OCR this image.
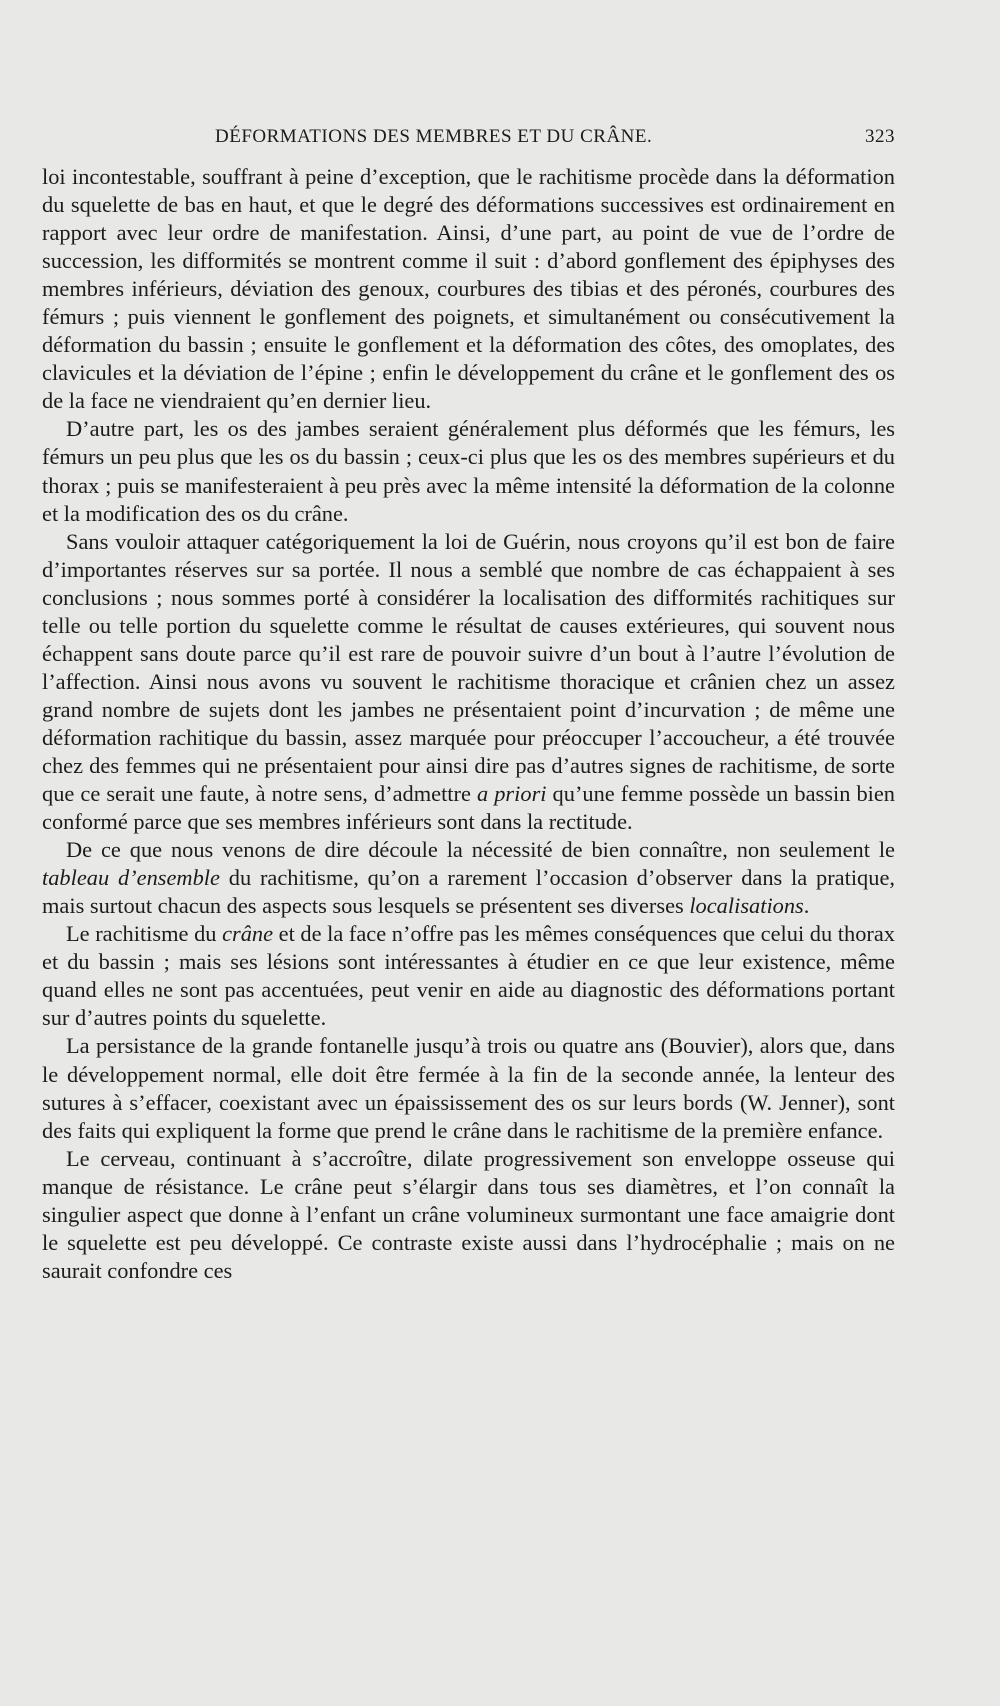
DÉFORMATIONS DES MEMBRES ET DU CRÂNE.	323

loi incontestable, souffrant à peine d’exception, que le rachitisme procède dans la déformation du squelette de bas en haut, et que le degré des déformations successives est ordinairement en rapport avec leur ordre de manifestation. Ainsi, d’une part, au point de vue de l’ordre de succession, les difformités se montrent comme il suit : d’abord gonflement des épiphyses des membres inférieurs, déviation des genoux, courbures des tibias et des péronés, courbures des fémurs ; puis viennent le gonflement des poignets, et simultanément ou consécutivement la déformation du bassin ; ensuite le gonflement et la déformation des côtes, des omoplates, des clavicules et la déviation de l’épine ; enfin le développement du crâne et le gonflement des os de la face ne viendraient qu’en dernier lieu.

D’autre part, les os des jambes seraient généralement plus déformés que les fémurs, les fémurs un peu plus que les os du bassin ; ceux-ci plus que les os des membres supérieurs et du thorax ; puis se manifesteraient à peu près avec la même intensité la déformation de la colonne et la modification des os du crâne.

Sans vouloir attaquer catégoriquement la loi de Guérin, nous croyons qu’il est bon de faire d’importantes réserves sur sa portée. Il nous a semblé que nombre de cas échappaient à ses conclusions ; nous sommes porté à considérer la localisation des difformités rachitiques sur telle ou telle portion du squelette comme le résultat de causes extérieures, qui souvent nous échappent sans doute parce qu’il est rare de pouvoir suivre d’un bout à l’autre l’évolution de l’affection. Ainsi nous avons vu souvent le rachitisme thoracique et crânien chez un assez grand nombre de sujets dont les jambes ne présentaient point d’incurvation ; de même une déformation rachitique du bassin, assez marquée pour préoccuper l’accoucheur, a été trouvée chez des femmes qui ne présentaient pour ainsi dire pas d’autres signes de rachitisme, de sorte que ce serait une faute, à notre sens, d’admettre a priori qu’une femme possède un bassin bien conformé parce que ses membres inférieurs sont dans la rectitude.

De ce que nous venons de dire découle la nécessité de bien connaître, non seulement le tableau d’ensemble du rachitisme, qu’on a rarement l’occasion d’observer dans la pratique, mais surtout chacun des aspects sous lesquels se présentent ses diverses localisations.

Le rachitisme du crâne et de la face n’offre pas les mêmes conséquences que celui du thorax et du bassin ; mais ses lésions sont intéressantes à étudier en ce que leur existence, même quand elles ne sont pas accentuées, peut venir en aide au diagnostic des déformations portant sur d’autres points du squelette.

La persistance de la grande fontanelle jusqu’à trois ou quatre ans (Bouvier), alors que, dans le développement normal, elle doit être fermée à la fin de la seconde année, la lenteur des sutures à s’effacer, coexistant avec un épaississement des os sur leurs bords (W. Jenner), sont des faits qui expliquent la forme que prend le crâne dans le rachitisme de la première enfance.

Le cerveau, continuant à s’accroître, dilate progressivement son enveloppe osseuse qui manque de résistance. Le crâne peut s’élargir dans tous ses diamètres, et l’on connaît la singulier aspect que donne à l’enfant un crâne volumineux surmontant une face amaigrie dont le squelette est peu développé. Ce contraste existe aussi dans l’hydrocéphalie ; mais on ne saurait confondre ces
